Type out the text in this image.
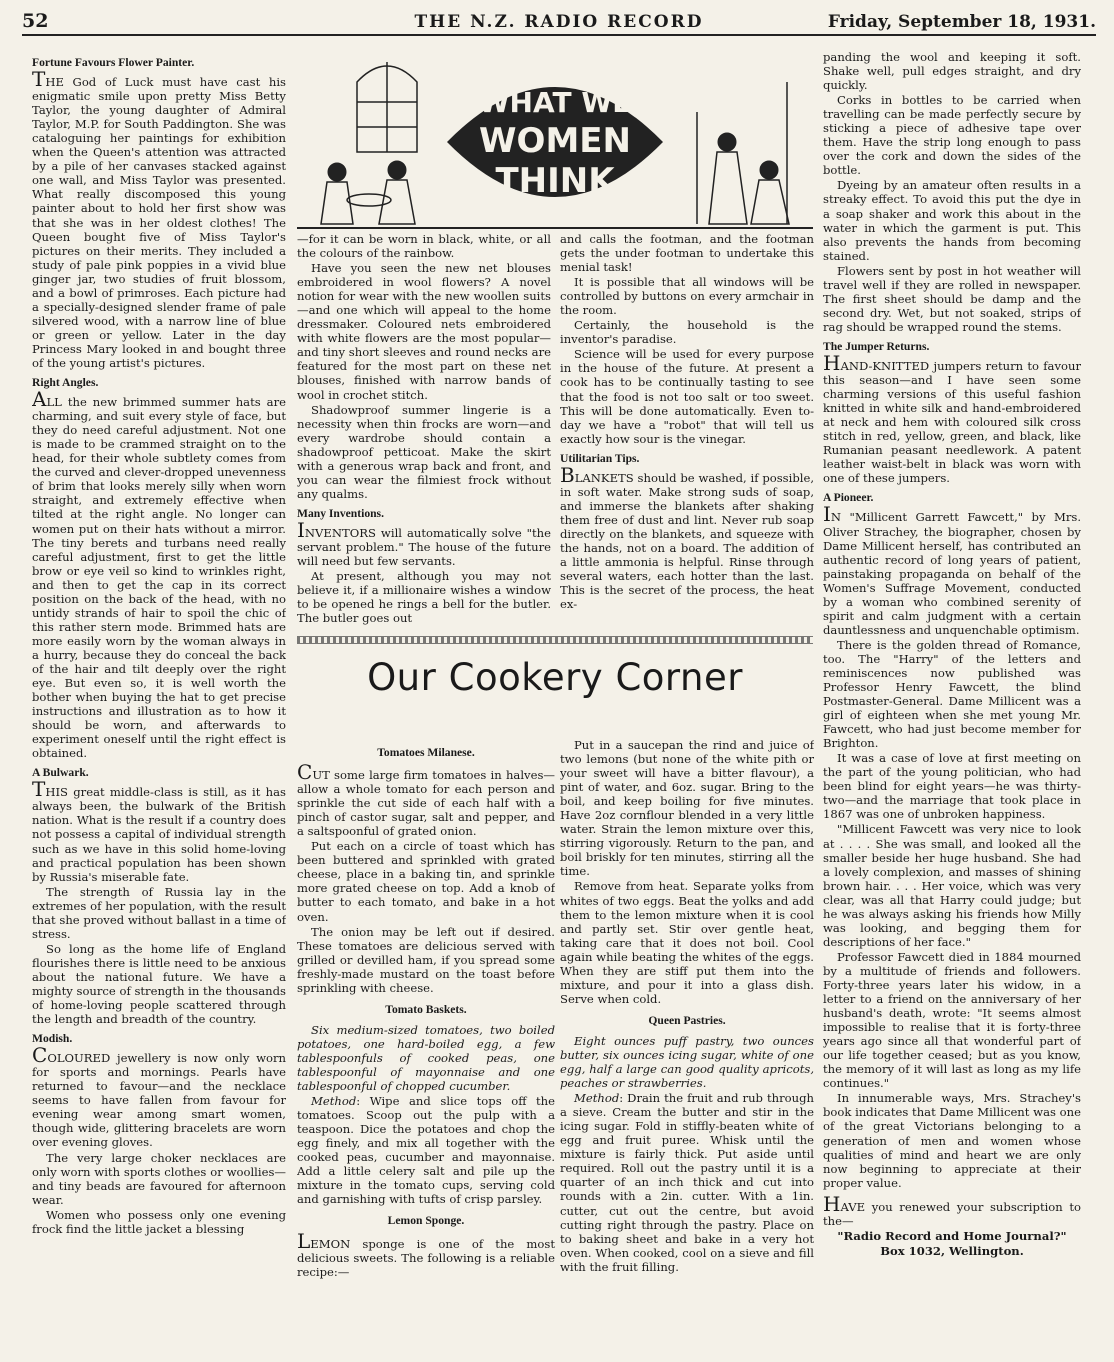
52	THE N.Z. RADIO RECORD	Friday, September 18, 1931.
Fortune Favours Flower Painter.

THE God of Luck must have cast his enigmatic smile upon pretty Miss Betty Taylor, the young daughter of Admiral Taylor, M.P. for South Paddington. She was cataloguing her paintings for exhibition when the Queen's attention was attracted by a pile of her canvases stacked against one wall, and Miss Taylor was presented. What really discomposed this young painter about to hold her first show was that she was in her oldest clothes! The Queen bought five of Miss Taylor's pictures on their merits. They included a study of pale pink poppies in a vivid blue ginger jar, two studies of fruit blossom, and a bowl of primroses. Each picture had a specially-designed slender frame of pale silvered wood, with a narrow line of blue or green or yellow. Later in the day Princess Mary looked in and bought three of the young artist's pictures.

Right Angles.

ALL the new brimmed summer hats are charming, and suit every style of face, but they do need careful adjustment. Not one is made to be crammed straight on to the head, for their whole subtlety comes from the curved and clever-dropped unevenness of brim that looks merely silly when worn straight, and extremely effective when tilted at the right angle. No longer can women put on their hats without a mirror. The tiny berets and turbans need really careful adjustment, first to get the little brow or eye veil so kind to wrinkles right, and then to get the cap in its correct position on the back of the head, with no untidy strands of hair to spoil the chic of this rather stern mode. Brimmed hats are more easily worn by the woman always in a hurry, because they do conceal the back of the hair and tilt deeply over the right eye. But even so, it is well worth the bother when buying the hat to get precise instructions and illustration as to how it should be worn, and afterwards to experiment oneself until the right effect is obtained.

A Bulwark.

THIS great middle-class is still, as it has always been, the bulwark of the British nation. What is the result if a country does not possess a capital of individual strength such as we have in this solid home-loving and practical population has been shown by Russia's miserable fate.

The strength of Russia lay in the extremes of her population, with the result that she proved without ballast in a time of stress.

So long as the home life of England flourishes there is little need to be anxious about the national future. We have a mighty source of strength in the thousands of home-loving people scattered through the length and breadth of the country.

Modish.

COLOURED jewellery is now only worn for sports and mornings. Pearls have returned to favour—and the necklace seems to have fallen from favour for evening wear among smart women, though wide, glittering bracelets are worn over evening gloves.

The very large choker necklaces are only worn with sports clothes or woollies—and tiny beads are favoured for afternoon wear.

Women who possess only one evening frock find the little jacket a blessing

WHAT WE
WOMEN
THINK

—for it can be worn in black, white, or all the colours of the rainbow.

Have you seen the new net blouses embroidered in wool flowers? A novel notion for wear with the new woollen suits—and one which will appeal to the home dressmaker. Coloured nets embroidered with white flowers are the most popular—and tiny short sleeves and round necks are featured for the most part on these net blouses, finished with narrow bands of wool in crochet stitch.

Shadowproof summer lingerie is a necessity when thin frocks are worn—and every wardrobe should contain a shadowproof petticoat. Make the skirt with a generous wrap back and front, and you can wear the filmiest frock without any qualms.

Many Inventions.

INVENTORS will automatically solve "the servant problem." The house of the future will need but few servants.

At present, although you may not believe it, if a millionaire wishes a window to be opened he rings a bell for the butler. The butler goes out

and calls the footman, and the footman gets the under footman to undertake this menial task!

It is possible that all windows will be controlled by buttons on every armchair in the room.

Certainly, the household is the inventor's paradise.

Science will be used for every purpose in the house of the future. At present a cook has to be continually tasting to see that the food is not too salt or too sweet. This will be done automatically. Even to-day we have a "robot" that will tell us exactly how sour is the vinegar.

Utilitarian Tips.

BLANKETS should be washed, if possible, in soft water. Make strong suds of soap, and immerse the blankets after shaking them free of dust and lint. Never rub soap directly on the blankets, and squeeze with the hands, not on a board. The addition of a little ammonia is helpful. Rinse through several waters, each hotter than the last. This is the secret of the process, the heat ex-

panding the wool and keeping it soft. Shake well, pull edges straight, and dry quickly.

Corks in bottles to be carried when travelling can be made perfectly secure by sticking a piece of adhesive tape over them. Have the strip long enough to pass over the cork and down the sides of the bottle.

Dyeing by an amateur often results in a streaky effect. To avoid this put the dye in a soap shaker and work this about in the water in which the garment is put. This also prevents the hands from becoming stained.

Flowers sent by post in hot weather will travel well if they are rolled in newspaper. The first sheet should be damp and the second dry. Wet, but not soaked, strips of rag should be wrapped round the stems.

The Jumper Returns.

HAND-KNITTED jumpers return to favour this season—and I have seen some charming versions of this useful fashion knitted in white silk and hand-embroidered at neck and hem with coloured silk cross stitch in red, yellow, green, and black, like Rumanian peasant needlework. A patent leather waist-belt in black was worn with one of these jumpers.

A Pioneer.

IN "Millicent Garrett Fawcett," by Mrs. Oliver Strachey, the biographer, chosen by Dame Millicent herself, has contributed an authentic record of long years of patient, painstaking propaganda on behalf of the Women's Suffrage Movement, conducted by a woman who combined serenity of spirit and calm judgment with a certain dauntlessness and unquenchable optimism.

There is the golden thread of Romance, too. The "Harry" of the letters and reminiscences now published was Professor Henry Fawcett, the blind Postmaster-General. Dame Millicent was a girl of eighteen when she met young Mr. Fawcett, who had just become member for Brighton.

It was a case of love at first meeting on the part of the young politician, who had been blind for eight years—he was thirty-two—and the marriage that took place in 1867 was one of unbroken happiness.

"Millicent Fawcett was very nice to look at . . . . She was small, and looked all the smaller beside her huge husband. She had a lovely complexion, and masses of shining brown hair. . . . Her voice, which was very clear, was all that Harry could judge; but he was always asking his friends how Milly was looking, and begging them for descriptions of her face."

Professor Fawcett died in 1884 mourned by a multitude of friends and followers. Forty-three years later his widow, in a letter to a friend on the anniversary of her husband's death, wrote: "It seems almost impossible to realise that it is forty-three years ago since all that wonderful part of our life together ceased; but as you know, the memory of it will last as long as my life continues."

In innumerable ways, Mrs. Strachey's book indicates that Dame Millicent was one of the great Victorians belonging to a generation of men and women whose qualities of mind and heart we are only now beginning to appreciate at their proper value.

HAVE you renewed your subscription to the—

"Radio Record and Home Journal?"

Box 1032, Wellington.

Our Cookery Corner
Tomatoes Milanese.

CUT some large firm tomatoes in halves—allow a whole tomato for each person and sprinkle the cut side of each half with a pinch of castor sugar, salt and pepper, and a saltspoonful of grated onion.

Put each on a circle of toast which has been buttered and sprinkled with grated cheese, place in a baking tin, and sprinkle more grated cheese on top. Add a knob of butter to each tomato, and bake in a hot oven.

The onion may be left out if desired. These tomatoes are delicious served with grilled or devilled ham, if you spread some freshly-made mustard on the toast before sprinkling with cheese.

Tomato Baskets.

Six medium-sized tomatoes, two boiled potatoes, one hard-boiled egg, a few tablespoonfuls of cooked peas, one tablespoonful of mayonnaise and one tablespoonful of chopped cucumber.

Method: Wipe and slice tops off the tomatoes. Scoop out the pulp with a teaspoon. Dice the potatoes and chop the egg finely, and mix all together with the cooked peas, cucumber and mayonnaise. Add a little celery salt and pile up the mixture in the tomato cups, serving cold and garnishing with tufts of crisp parsley.

Lemon Sponge.

LEMON sponge is one of the most delicious sweets. The following is a reliable recipe:—

Put in a saucepan the rind and juice of two lemons (but none of the white pith or your sweet will have a bitter flavour), a pint of water, and 6oz. sugar. Bring to the boil, and keep boiling for five minutes. Have 2oz cornflour blended in a very little water. Strain the lemon mixture over this, stirring vigorously. Return to the pan, and boil briskly for ten minutes, stirring all the time.

Remove from heat. Separate yolks from whites of two eggs. Beat the yolks and add them to the lemon mixture when it is cool and partly set. Stir over gentle heat, taking care that it does not boil. Cool again while beating the whites of the eggs. When they are stiff put them into the mixture, and pour it into a glass dish. Serve when cold.

Queen Pastries.

Eight ounces puff pastry, two ounces butter, six ounces icing sugar, white of one egg, half a large can good quality apricots, peaches or strawberries.

Method: Drain the fruit and rub through a sieve. Cream the butter and stir in the icing sugar. Fold in stiffly-beaten white of egg and fruit puree. Whisk until the mixture is fairly thick. Put aside until required. Roll out the pastry until it is a quarter of an inch thick and cut into rounds with a 2in. cutter. With a 1in. cutter, cut out the centre, but avoid cutting right through the pastry. Place on to baking sheet and bake in a very hot oven. When cooked, cool on a sieve and fill with the fruit filling.
